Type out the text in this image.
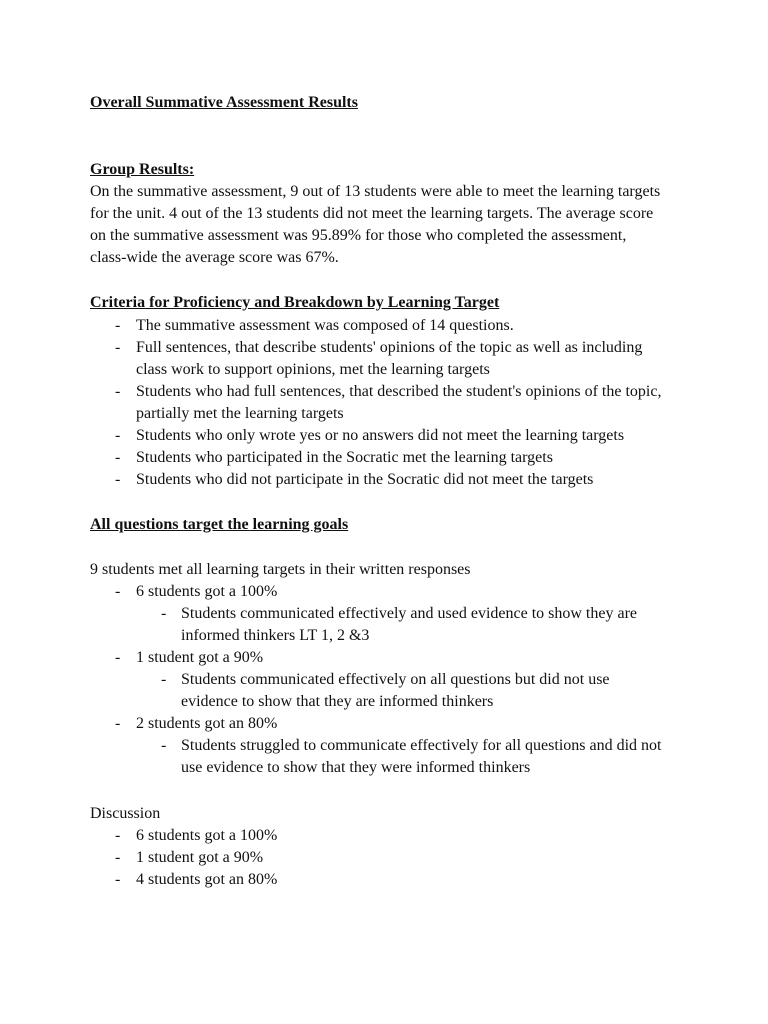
Overall Summative Assessment Results
Group Results:
On the summative assessment, 9 out of 13 students were able to meet the learning targets
for the unit. 4 out of the 13 students did not meet the learning targets. The average score
on the summative assessment was 95.89% for those who completed the assessment,
class-wide the average score was 67%.
Criteria for Proficiency and Breakdown by Learning Target
- The summative assessment was composed of 14 questions.
- Full sentences, that describe students' opinions of the topic as well as including
class work to support opinions, met the learning targets
- Students who had full sentences, that described the student's opinions of the topic,
partially met the learning targets
- Students who only wrote yes or no answers did not meet the learning targets
- Students who participated in the Socratic met the learning targets
- Students who did not participate in the Socratic did not meet the targets
All questions target the learning goals
9 students met all learning targets in their written responses
- 6 students got a 100%
- Students communicated effectively and used evidence to show they are
informed thinkers LT 1, 2 &3
- 1 student got a 90%
- Students communicated effectively on all questions but did not use
evidence to show that they are informed thinkers
- 2 students got an 80%
- Students struggled to communicate effectively for all questions and did not
use evidence to show that they were informed thinkers
Discussion
- 6 students got a 100%
- 1 student got a 90%
- 4 students got an 80%
